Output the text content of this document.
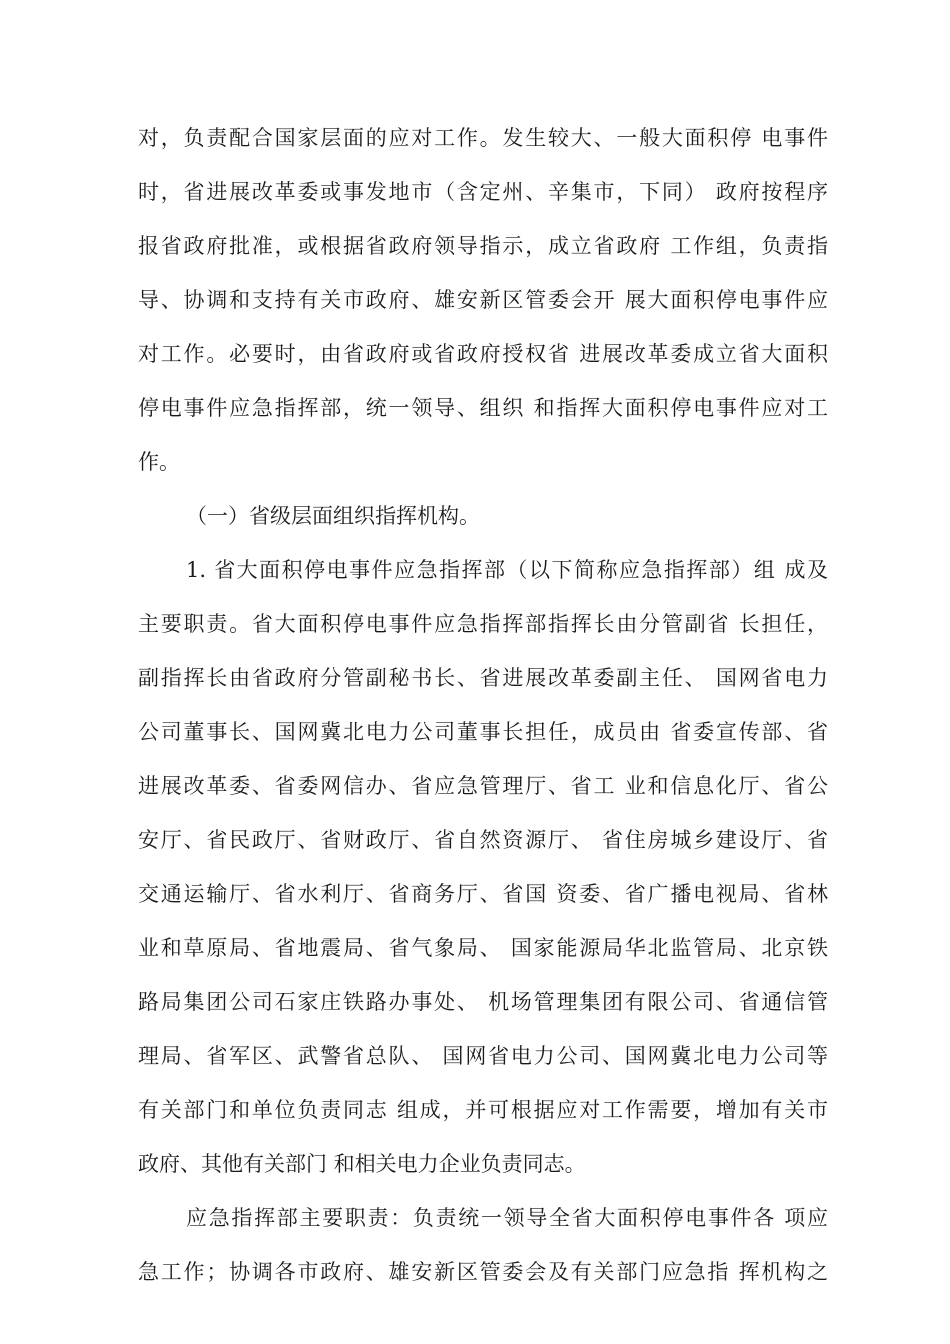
对，负责配合国家层面的应对工作。发生较大、一般大面积停 电事件
时，省进展改革委或事发地市（含定州、辛集市，下同） 政府按程序
报省政府批准，或根据省政府领导指示，成立省政府 工作组，负责指
导、协调和支持有关市政府、雄安新区管委会开 展大面积停电事件应
对工作。必要时，由省政府或省政府授权省 进展改革委成立省大面积
停电事件应急指挥部，统一领导、组织 和指挥大面积停电事件应对工
作。
（一）省级层面组织指挥机构。
1. 省大面积停电事件应急指挥部（以下简称应急指挥部）组 成及
主要职责。省大面积停电事件应急指挥部指挥长由分管副省 长担任，
副指挥长由省政府分管副秘书长、省进展改革委副主任、 国网省电力
公司董事长、国网冀北电力公司董事长担任，成员由 省委宣传部、省
进展改革委、省委网信办、省应急管理厅、省工 业和信息化厅、省公
安厅、省民政厅、省财政厅、省自然资源厅、 省住房城乡建设厅、省
交通运输厅、省水利厅、省商务厅、省国 资委、省广播电视局、省林
业和草原局、省地震局、省气象局、 国家能源局华北监管局、北京铁
路局集团公司石家庄铁路办事处、 机场管理集团有限公司、省通信管
理局、省军区、武警省总队、 国网省电力公司、国网冀北电力公司等
有关部门和单位负责同志 组成，并可根据应对工作需要，增加有关市
政府、其他有关部门 和相关电力企业负责同志。
应急指挥部主要职责：负责统一领导全省大面积停电事件各 项应
急工作；协调各市政府、雄安新区管委会及有关部门应急指 挥机构之
